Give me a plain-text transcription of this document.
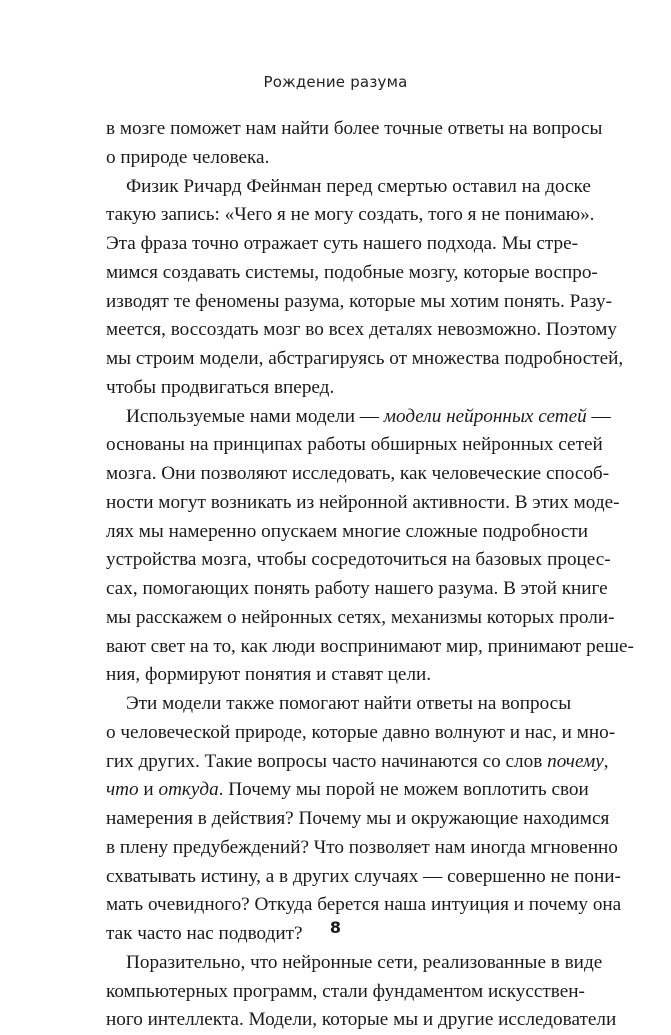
Рождение разума
в мозге поможет нам найти более точные ответы на вопросы
о природе человека.
Физик Ричард Фейнман перед смертью оставил на доске
такую запись: «Чего я не могу создать, того я не понимаю».
Эта фраза точно отражает суть нашего подхода. Мы стре-
мимся создавать системы, подобные мозгу, которые воспро-
изводят те феномены разума, которые мы хотим понять. Разу-
меется, воссоздать мозг во всех деталях невозможно. Поэтому
мы строим модели, абстрагируясь от множества подробностей,
чтобы продвигаться вперед.
Используемые нами модели — модели нейронных сетей —
основаны на принципах работы обширных нейронных сетей
мозга. Они позволяют исследовать, как человеческие способ-
ности могут возникать из нейронной активности. В этих моде-
лях мы намеренно опускаем многие сложные подробности
устройства мозга, чтобы сосредоточиться на базовых процес-
сах, помогающих понять работу нашего разума. В этой книге
мы расскажем о нейронных сетях, механизмы которых проли-
вают свет на то, как люди воспринимают мир, принимают реше-
ния, формируют понятия и ставят цели.
Эти модели также помогают найти ответы на вопросы
о человеческой природе, которые давно волнуют и нас, и мно-
гих других. Такие вопросы часто начинаются со слов почему,
что и откуда. Почему мы порой не можем воплотить свои
намерения в действия? Почему мы и окружающие находимся
в плену предубеждений? Что позволяет нам иногда мгновенно
схватывать истину, а в других случаях — совершенно не пони-
мать очевидного? Откуда берется наша интуиция и почему она
так часто нас подводит?
Поразительно, что нейронные сети, реализованные в виде
компьютерных программ, стали фундаментом искусствен-
ного интеллекта. Модели, которые мы и другие исследователи
8
